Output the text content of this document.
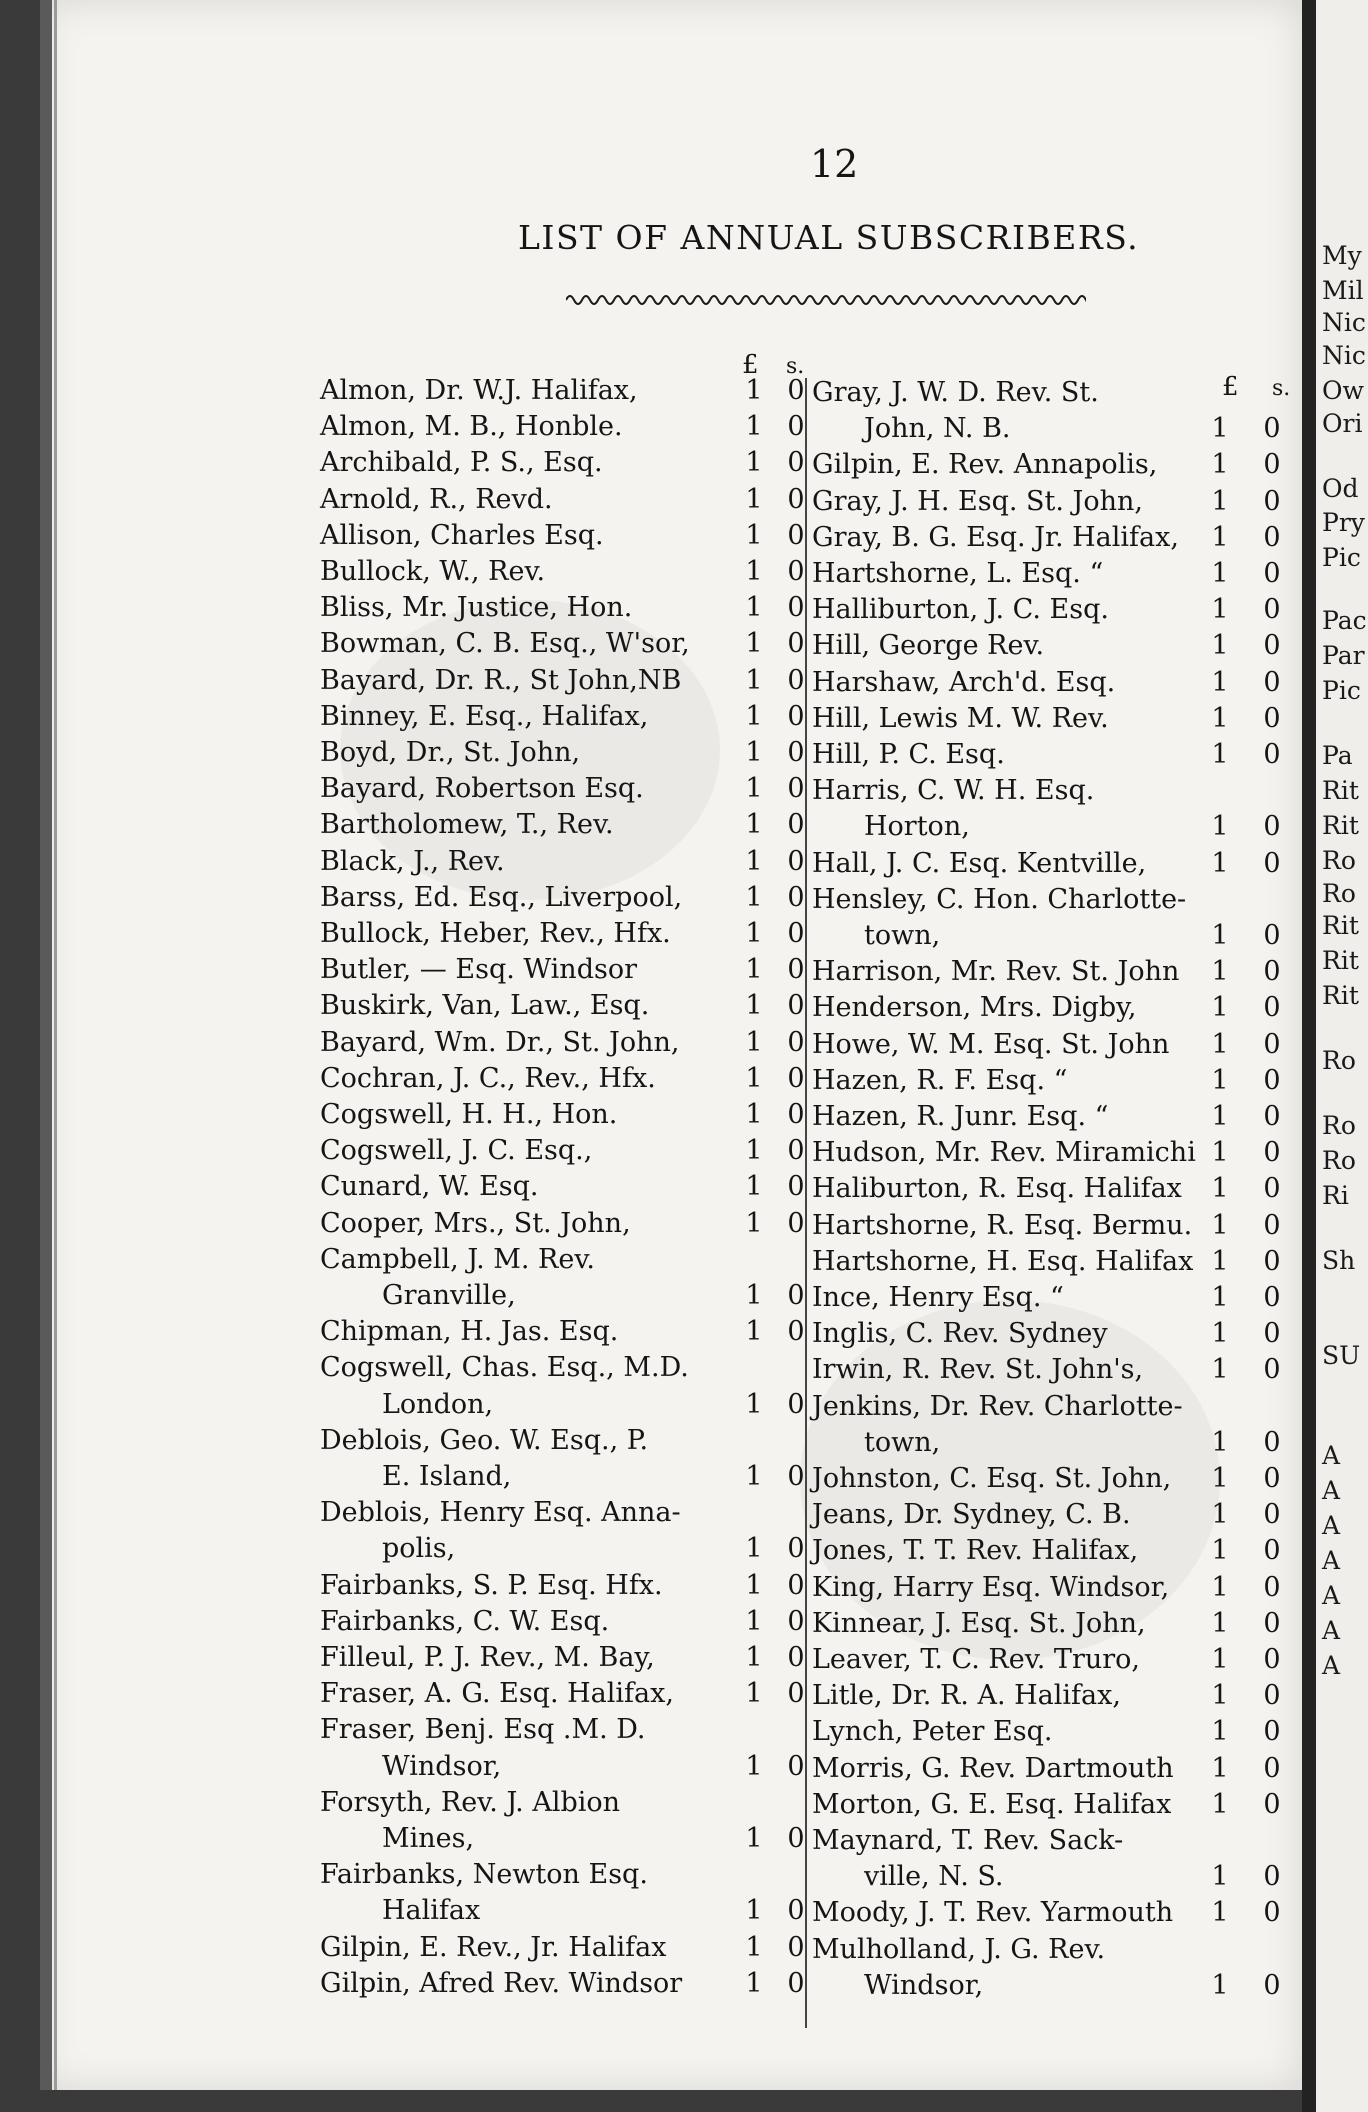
My
Mil
Nic
Nic
Ow
Ori
Od
Pry
Pic
Pac
Par
Pic
Pa
Rit
Rit
Ro
Ro
Rit
Rit
Rit
Ro
Ro
Ro
Ri
Sh
SU
A
A
A
A
A
A
A
12
LIST OF ANNUAL SUBSCRIBERS.
£ s.
£ s.
Almon, Dr. W.J. Halifax,	1 0
Almon, M. B., Honble.	1 0
Archibald, P. S., Esq.	1 0
Arnold, R., Revd.	1 0
Allison, Charles Esq.	1 0
Bullock, W., Rev.	1 0
Bliss, Mr. Justice, Hon.	1 0
Bowman, C. B. Esq., W'sor, 1 0
Bayard, Dr. R., St John,NB 1 0
Binney, E. Esq., Halifax,	1 0
Boyd, Dr., St. John,	1 0
Bayard, Robertson Esq.	1 0
Bartholomew, T., Rev.	1 0
Black, J., Rev.	1 0
Barss, Ed. Esq., Liverpool, 1 0
Bullock, Heber, Rev., Hfx.	1 0
Butler, — Esq. Windsor	1 0
Buskirk, Van, Law., Esq.	1 0
Bayard, Wm. Dr., St. John, 1 0
Cochran, J. C., Rev., Hfx.	1 0
Cogswell, H. H., Hon.	1 0
Cogswell, J. C. Esq.,	1 0
Cunard, W. Esq.	1 0
Cooper, Mrs., St. John,	1 0
Campbell, J. M. Rev.
Granville,	1 0
Chipman, H. Jas. Esq.	1 0
Cogswell, Chas. Esq., M.D.
London,	1 0
Deblois, Geo. W. Esq., P.
E. Island,	1 0
Deblois, Henry Esq. Anna-
polis,	1 0
Fairbanks, S. P. Esq. Hfx.	1 0
Fairbanks, C. W. Esq.	1 0
Filleul, P. J. Rev., M. Bay,	1 0
Fraser, A. G. Esq. Halifax,	1 0
Fraser, Benj. Esq .M. D.
Windsor,	1 0
Forsyth, Rev. J. Albion
Mines,	1 0
Fairbanks, Newton Esq.
Halifax	1 0
Gilpin, E. Rev., Jr. Halifax	1 0
Gilpin, Afred Rev. Windsor 1 0
Gray, J. W. D. Rev. St.
John, N. B.	1 0
Gilpin, E. Rev. Annapolis, 1 0
Gray, J. H. Esq. St. John,	1 0
Gray, B. G. Esq. Jr. Halifax, 1 0
Hartshorne, L. Esq. “	1 0
Halliburton, J. C. Esq.	1 0
Hill, George Rev.	1 0
Harshaw, Arch'd. Esq.	1 0
Hill, Lewis M. W. Rev.	1 0
Hill, P. C. Esq.	1 0
Harris, C. W. H. Esq.
Horton,	1 0
Hall, J. C. Esq. Kentville, 1 0
Hensley, C. Hon. Charlotte-
town,	1 0
Harrison, Mr. Rev. St. John 1 0
Henderson, Mrs. Digby,	1 0
Howe, W. M. Esq. St. John 1 0
Hazen, R. F. Esq. “	1 0
Hazen, R. Junr. Esq. “	1 0
Hudson, Mr. Rev. Miramichi 1 0
Haliburton, R. Esq. Halifax 1 0
Hartshorne, R. Esq. Bermu. 1 0
Hartshorne, H. Esq. Halifax 1 0
Ince, Henry Esq. “	1 0
Inglis, C. Rev. Sydney	1 0
Irwin, R. Rev. St. John's,	1 0
Jenkins, Dr. Rev. Charlotte-
town,	1 0
Johnston, C. Esq. St. John, 1 0
Jeans, Dr. Sydney, C. B.	1 0
Jones, T. T. Rev. Halifax,	1 0
King, Harry Esq. Windsor, 1 0
Kinnear, J. Esq. St. John, 1 0
Leaver, T. C. Rev. Truro,	1 0
Litle, Dr. R. A. Halifax,	1 0
Lynch, Peter Esq.	1 0
Morris, G. Rev. Dartmouth 1 0
Morton, G. E. Esq. Halifax 1 0
Maynard, T. Rev. Sack-
ville, N. S.	1 0
Moody, J. T. Rev. Yarmouth 1 0
Mulholland, J. G. Rev.
Windsor,	1 0
